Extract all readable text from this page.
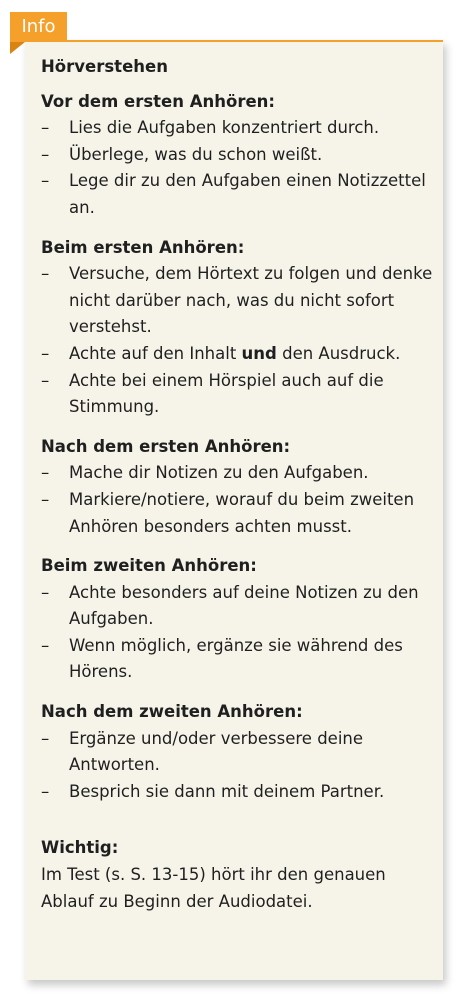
Hörverstehen
Vor dem ersten Anhören:
– Lies die Aufgaben konzentriert durch.
– Überlege, was du schon weißt.
– Lege dir zu den Aufgaben einen Notizzettel an.
Beim ersten Anhören:
– Versuche, dem Hörtext zu folgen und denke nicht darüber nach, was du nicht sofort verstehst.
– Achte auf den Inhalt und den Ausdruck.
– Achte bei einem Hörspiel auch auf die Stimmung.
Nach dem ersten Anhören:
– Mache dir Notizen zu den Aufgaben.
– Markiere/notiere, worauf du beim zweiten Anhören besonders achten musst.
Beim zweiten Anhören:
– Achte besonders auf deine Notizen zu den Aufgaben.
– Wenn möglich, ergänze sie während des Hörens.
Nach dem zweiten Anhören:
– Ergänze und/oder verbessere deine Antworten.
– Besprich sie dann mit deinem Partner.
Wichtig:
Im Test (s. S. 13-15) hört ihr den genauen Ablauf zu Beginn der Audiodatei.
Info
